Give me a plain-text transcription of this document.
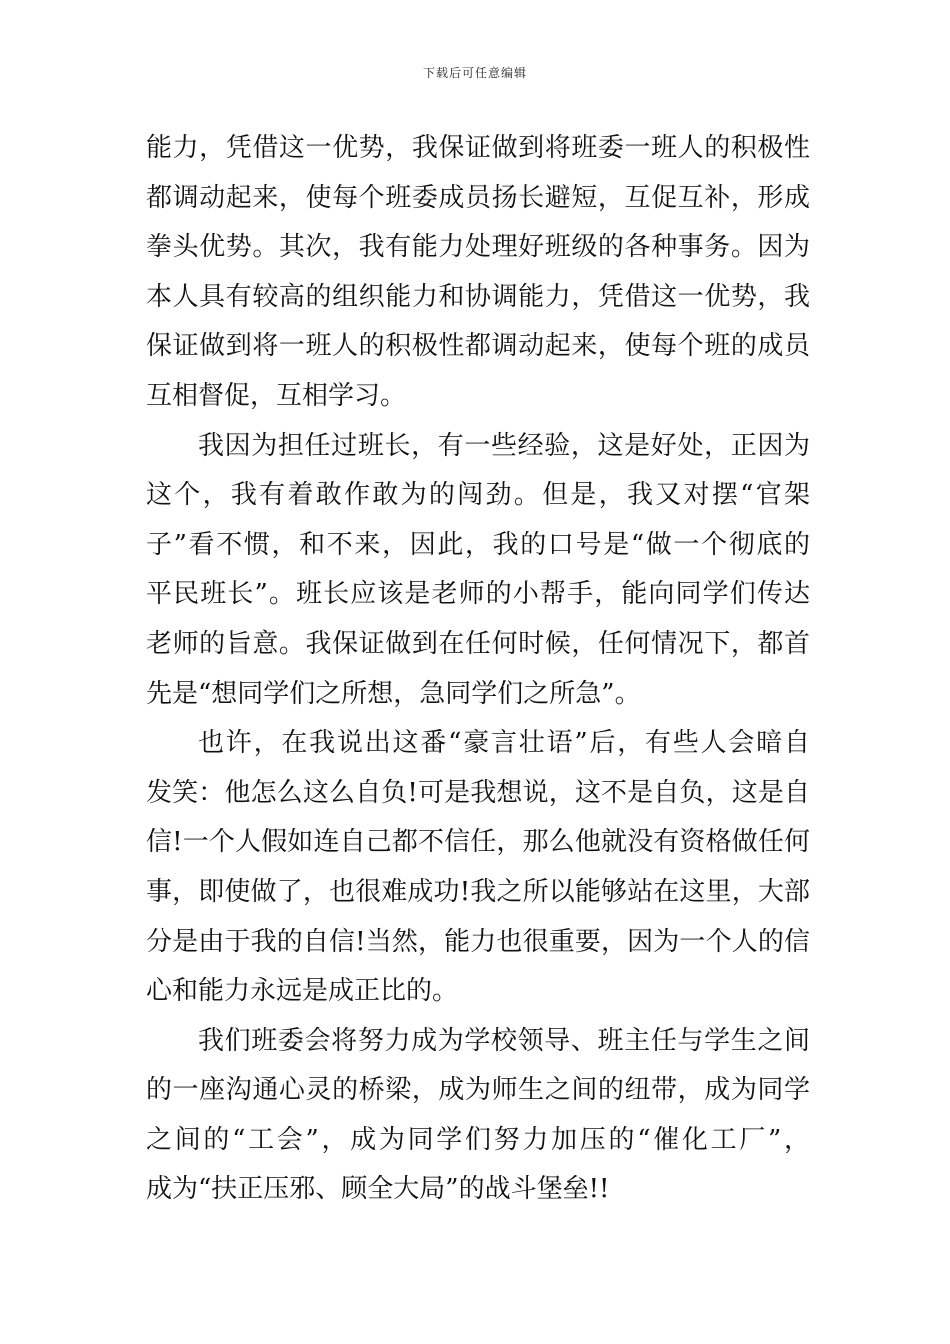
下载后可任意编辑
能力，凭借这一优势，我保证做到将班委一班人的积极性
都调动起来，使每个班委成员扬长避短，互促互补，形成
拳头优势。其次，我有能力处理好班级的各种事务。因为
本人具有较高的组织能力和协调能力，凭借这一优势，我
保证做到将一班人的积极性都调动起来，使每个班的成员
互相督促，互相学习。
我因为担任过班长，有一些经验，这是好处，正因为
这个，我有着敢作敢为的闯劲。但是，我又对摆“官架
子”看不惯，和不来，因此，我的口号是“做一个彻底的
平民班长”。班长应该是老师的小帮手，能向同学们传达
老师的旨意。我保证做到在任何时候，任何情况下，都首
先是“想同学们之所想，急同学们之所急”。
也许，在我说出这番“豪言壮语”后，有些人会暗自
发笑：他怎么这么自负!可是我想说，这不是自负，这是自
信!一个人假如连自己都不信任，那么他就没有资格做任何
事，即使做了，也很难成功!我之所以能够站在这里，大部
分是由于我的自信!当然，能力也很重要，因为一个人的信
心和能力永远是成正比的。
我们班委会将努力成为学校领导、班主任与学生之间
的一座沟通心灵的桥梁，成为师生之间的纽带，成为同学
之间的“工会”，成为同学们努力加压的“催化工厂”，
成为“扶正压邪、顾全大局”的战斗堡垒!!
